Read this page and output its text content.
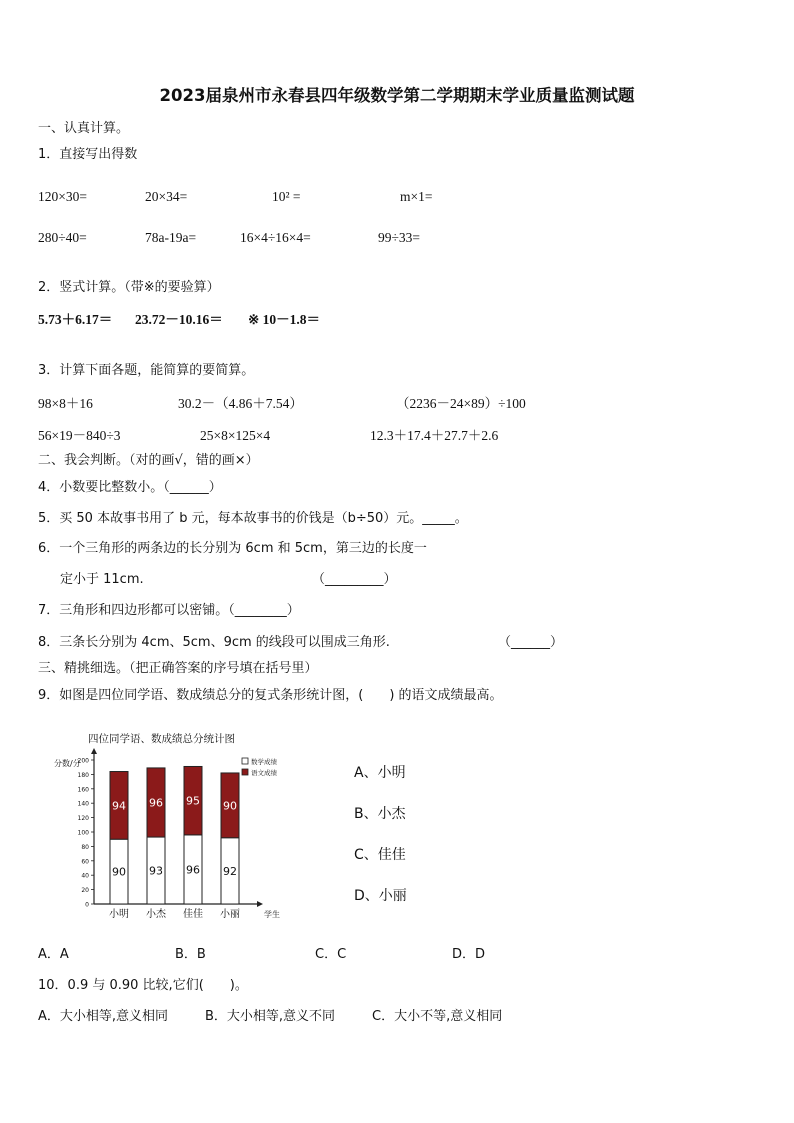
2023届泉州市永春县四年级数学第二学期期末学业质量监测试题
一、认真计算。
1．直接写出得数
120×30=	20×34=	10² =	m×1=
280÷40=	78a-19a=	16×4÷16×4=	99÷33=
2．竖式计算。（带※的要验算）
5.73＋6.17＝ 23.72－10.16＝ ※ 10－1.8＝
3．计算下面各题，能简算的要简算。
98×8＋16	30.2－（4.86＋7.54）	（2236－24×89）÷100
56×19－840÷3	25×8×125×4	12.3＋17.4＋27.7＋2.6
二、我会判断。（对的画√，错的画×）
4．小数要比整数小。（______）
5．买 50 本故事书用了 b 元，每本故事书的价钱是（b÷50）元。_____。
6．一个三角形的两条边的长分别为 6cm 和 5cm，第三边的长度一
定小于 11cm.	（_________）
7．三角形和四边形都可以密铺。（________）
8．三条长分别为 4cm、5cm、9cm 的线段可以围成三角形.	（______）
三、精挑细选。（把正确答案的序号填在括号里）
9．如图是四位同学语、数成绩总分的复式条形统计图，(　　) 的语文成绩最高。
四位同学语、数成绩总分统计图
分数/分
0
20
40
60
80
100
120
140
160
180
200	数学成绩
语文成绩
90
94
小明
93
96
小杰
96
95
佳佳
92
90
小丽	学生
A、小明
B、小杰
C、佳佳
D、小丽
A．A	B．B	C．C	D．D
10．0.9 与 0.90 比较,它们(　　)。
A．大小相等,意义相同	B．大小相等,意义不同	C．大小不等,意义相同
